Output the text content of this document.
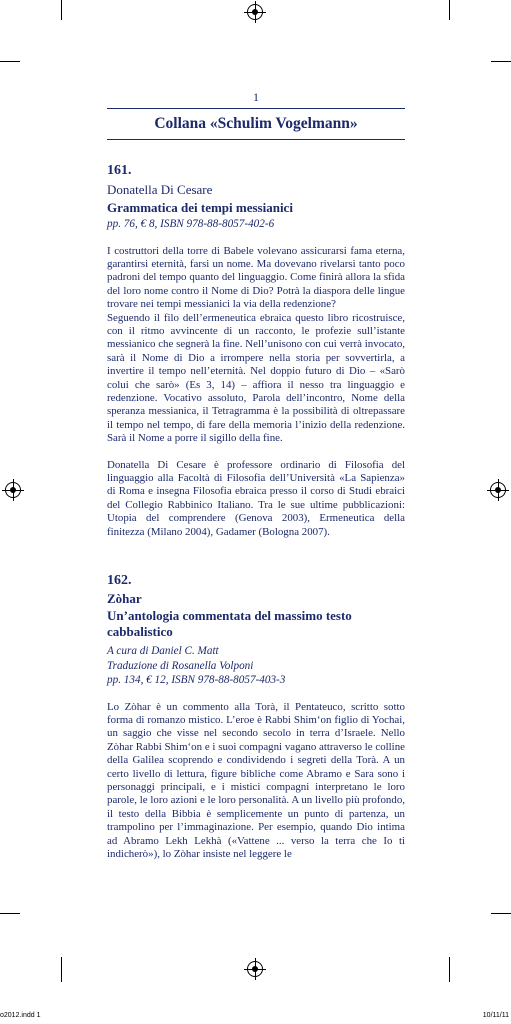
1
Collana «Schulim Vogelmann»
161.
Donatella Di Cesare
Grammatica dei tempi messianici
pp. 76, € 8, ISBN 978-88-8057-402-6

I costruttori della torre di Babele volevano assicurarsi fama eterna, garantirsi eternità, farsi un nome. Ma dovevano rivelarsi tanto poco padroni del tempo quanto del linguaggio. Come finirà allora la sfida del loro nome contro il Nome di Dio? Potrà la diaspora delle lingue trovare nei tempi messianici la via della redenzione?

Seguendo il filo dell’ermeneutica ebraica questo libro ricostruisce, con il ritmo avvincente di un racconto, le profezie sull’istante messianico che segnerà la fine. Nell’unisono con cui verrà invocato, sarà il Nome di Dio a irrompere nella storia per sovvertirla, a invertire il tempo nell’eternità. Nel doppio futuro di Dio – «Sarò colui che sarò» (Es 3, 14) – affiora il nesso tra linguaggio e redenzione. Vocativo assoluto, Parola dell’incontro, Nome della speranza messianica, il Tetragramma è la possibilità di oltrepassare il tempo nel tempo, di fare della memoria l’inizio della redenzione. Sarà il Nome a porre il sigillo della fine.

Donatella Di Cesare è professore ordinario di Filosofia del linguaggio alla Facoltà di Filosofia dell’Università «La Sapienza» di Roma e insegna Filosofia ebraica presso il corso di Studi ebraici del Collegio Rabbinico Italiano. Tra le sue ultime pubblicazioni: Utopia del comprendere (Genova 2003), Ermeneutica della finitezza (Milano 2004), Gadamer (Bologna 2007).

162.
Zòhar
Un’antologia commentata del massimo testo cabbalistico
A cura di Daniel C. Matt
Traduzione di Rosanella Volponi
pp. 134, € 12, ISBN 978-88-8057-403-3

Lo Zòhar è un commento alla Torà, il Pentateuco, scritto sotto forma di romanzo mistico. L’eroe è Rabbi Shim‘on figlio di Yochai, un saggio che visse nel secondo secolo in terra d’Israele. Nello Zòhar Rabbi Shim‘on e i suoi compagni vagano attraverso le colline della Galilea scoprendo e condividendo i segreti della Torà. A un certo livello di lettura, figure bibliche come Abramo e Sara sono i personaggi principali, e i mistici compagni interpretano le loro parole, le loro azioni e le loro personalità. A un livello più profondo, il testo della Bibbia è semplicemente un punto di partenza, un trampolino per l’immaginazione. Per esempio, quando Dio intima ad Abramo Lekh Lekhà («Vattene ... verso la terra che Io ti indicherò»), lo Zòhar insiste nel leggere le

o2012.indd 1	10/11/11
